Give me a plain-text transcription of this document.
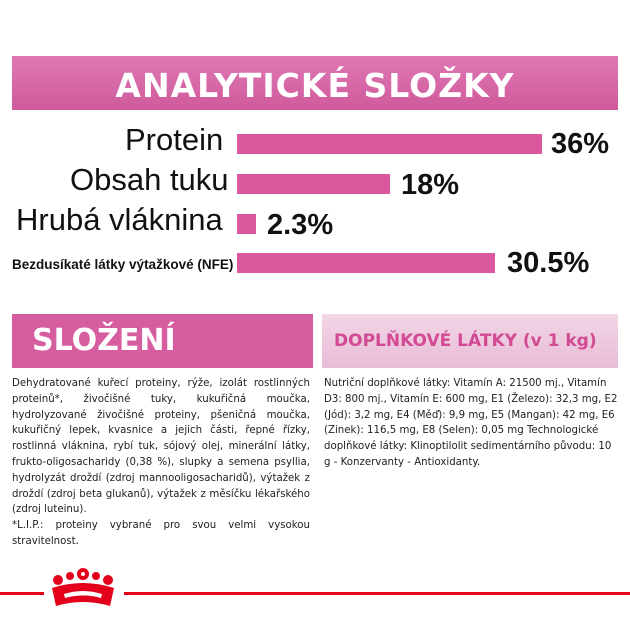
ANALYTICKÉ SLOŽKY
Protein	36%
Obsah tuku	18%
Hrubá vláknina 2.3%
Bezdusíkaté látky výtažkové (NFE)	30.5%
SLOŽENÍ	DOPLŇKOVÉ LÁTKY (v 1 kg)

Dehydratované kuřecí proteiny, rýže, izolát rostlinných proteinů*, živočišné tuky, kukuřičná moučka, hydrolyzované živočišné proteiny, pšeničná moučka, kukuřičný lepek, kvasnice a jejich části, řepné řízky, rostlinná vláknina, rybí tuk, sójový olej, minerální látky, frukto-oligosacharidy (0,38 %), slupky a semena psyllia, hydrolyzát droždí (zdroj mannooligosacharidů), výtažek z droždí (zdroj beta glukanů), výtažek z měsíčku lékařského (zdroj luteinu).

*L.I.P.: proteiny vybrané pro svou velmi vysokou stravitelnost.

Nutriční doplňkové látky: Vitamín A: 21500 mj., Vitamín D3: 800 mj., Vitamín E: 600 mg, E1 (Železo): 32,3 mg, E2 (Jód): 3,2 mg, E4 (Měď): 9,9 mg, E5 (Mangan): 42 mg, E6 (Zinek): 116,5 mg, E8 (Selen): 0,05 mg Technologické doplňkové látky: Klinoptilolit sedimentárního původu: 10 g - Konzervanty - Antioxidanty.
